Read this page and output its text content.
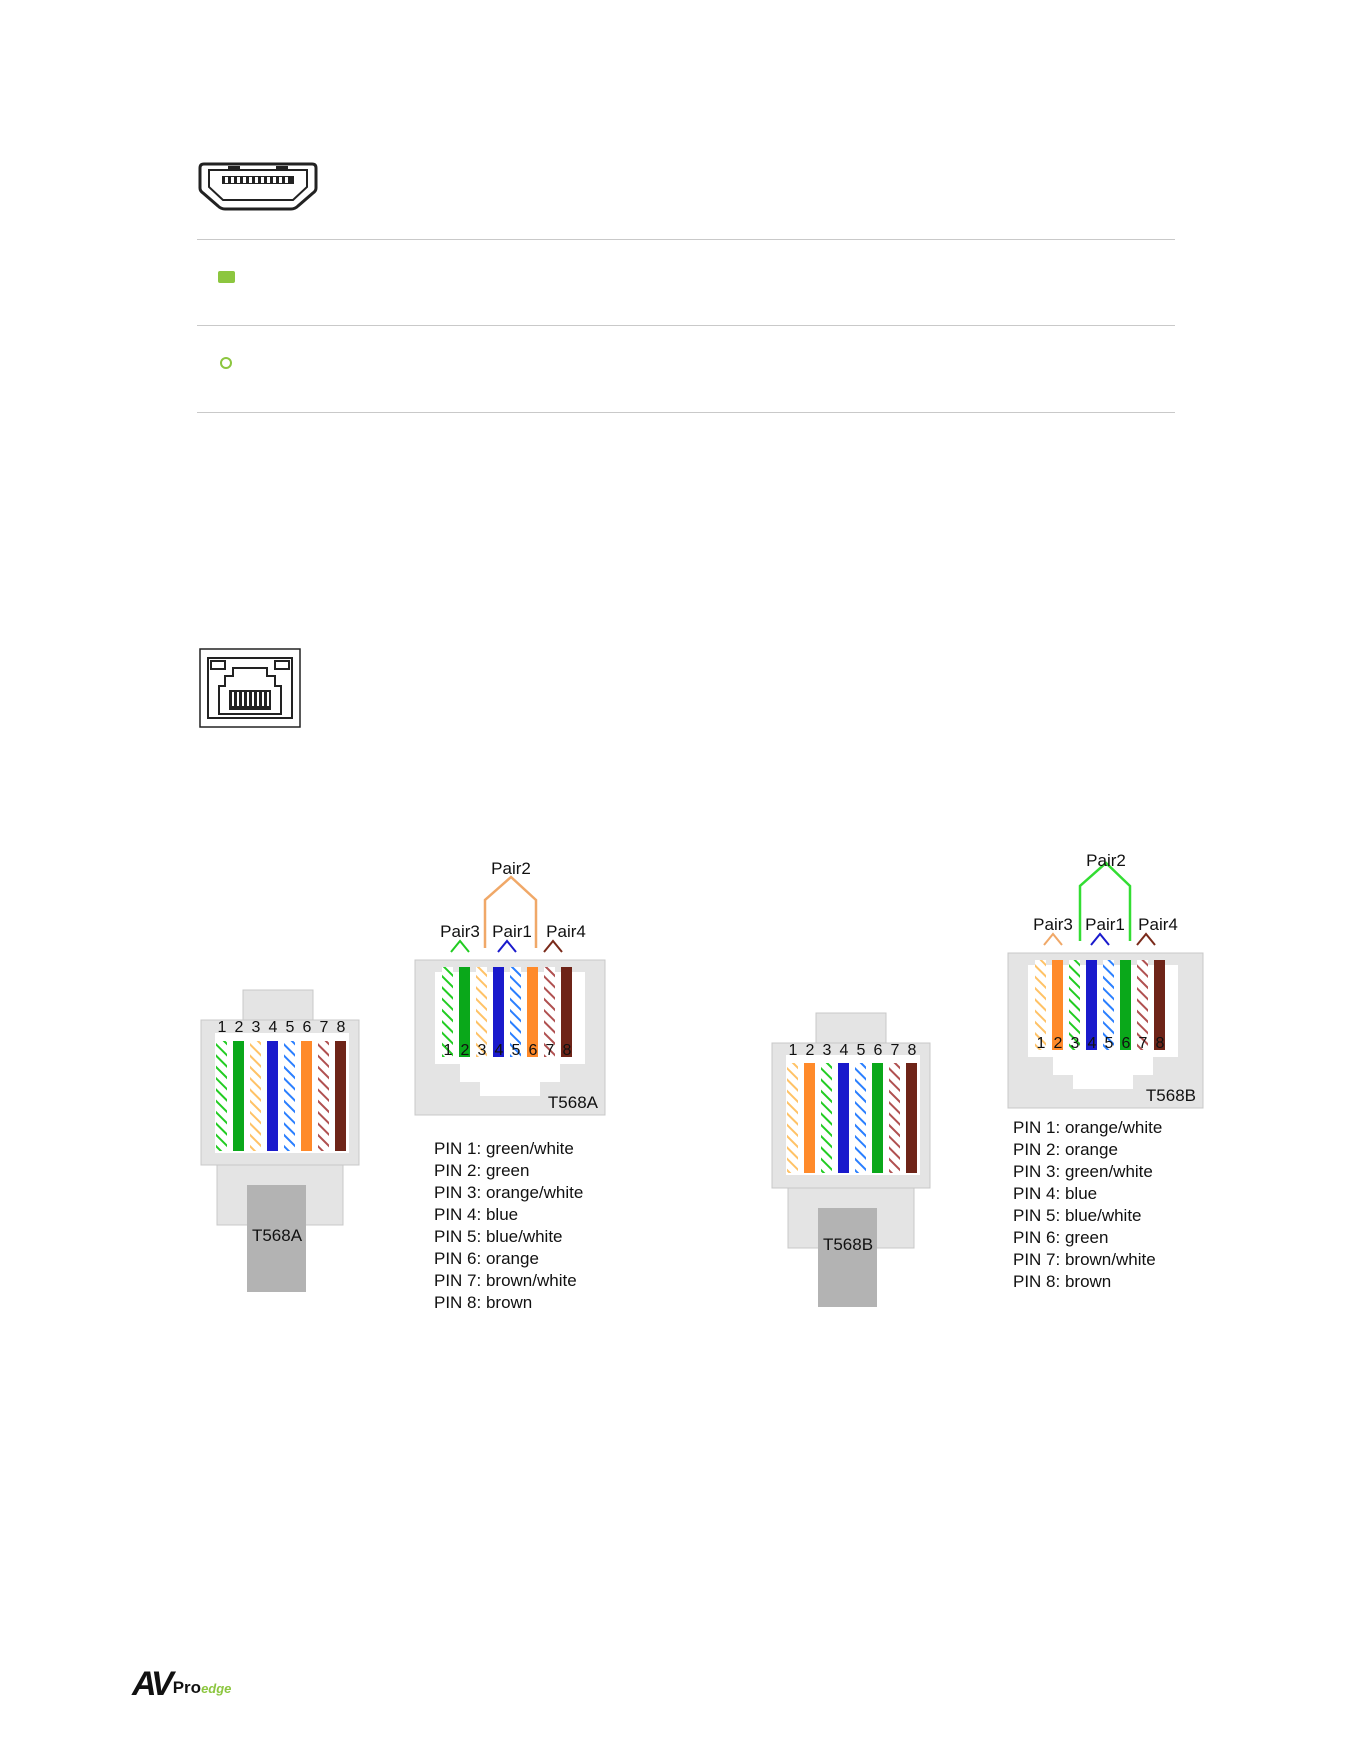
1 2 3 4 5 6 7 8
T568A
1 2 3 4 5 6 7 8
T568A
Pair2
Pair3 Pair1 Pair4
PIN 1: green/white
PIN 2: green
PIN 3: orange/white
PIN 4: blue
PIN 5: blue/white
PIN 6: orange
PIN 7: brown/white
PIN 8: brown
1 2 3 4 5 6 7 8
T568B
1 2 3 4 5 6 7 8
T568B
Pair2
Pair3 Pair1 Pair4
PIN 1: orange/white
PIN 2: orange
PIN 3: green/white
PIN 4: blue
PIN 5: blue/white
PIN 6: green
PIN 7: brown/white
PIN 8: brown
AV Pro edge
